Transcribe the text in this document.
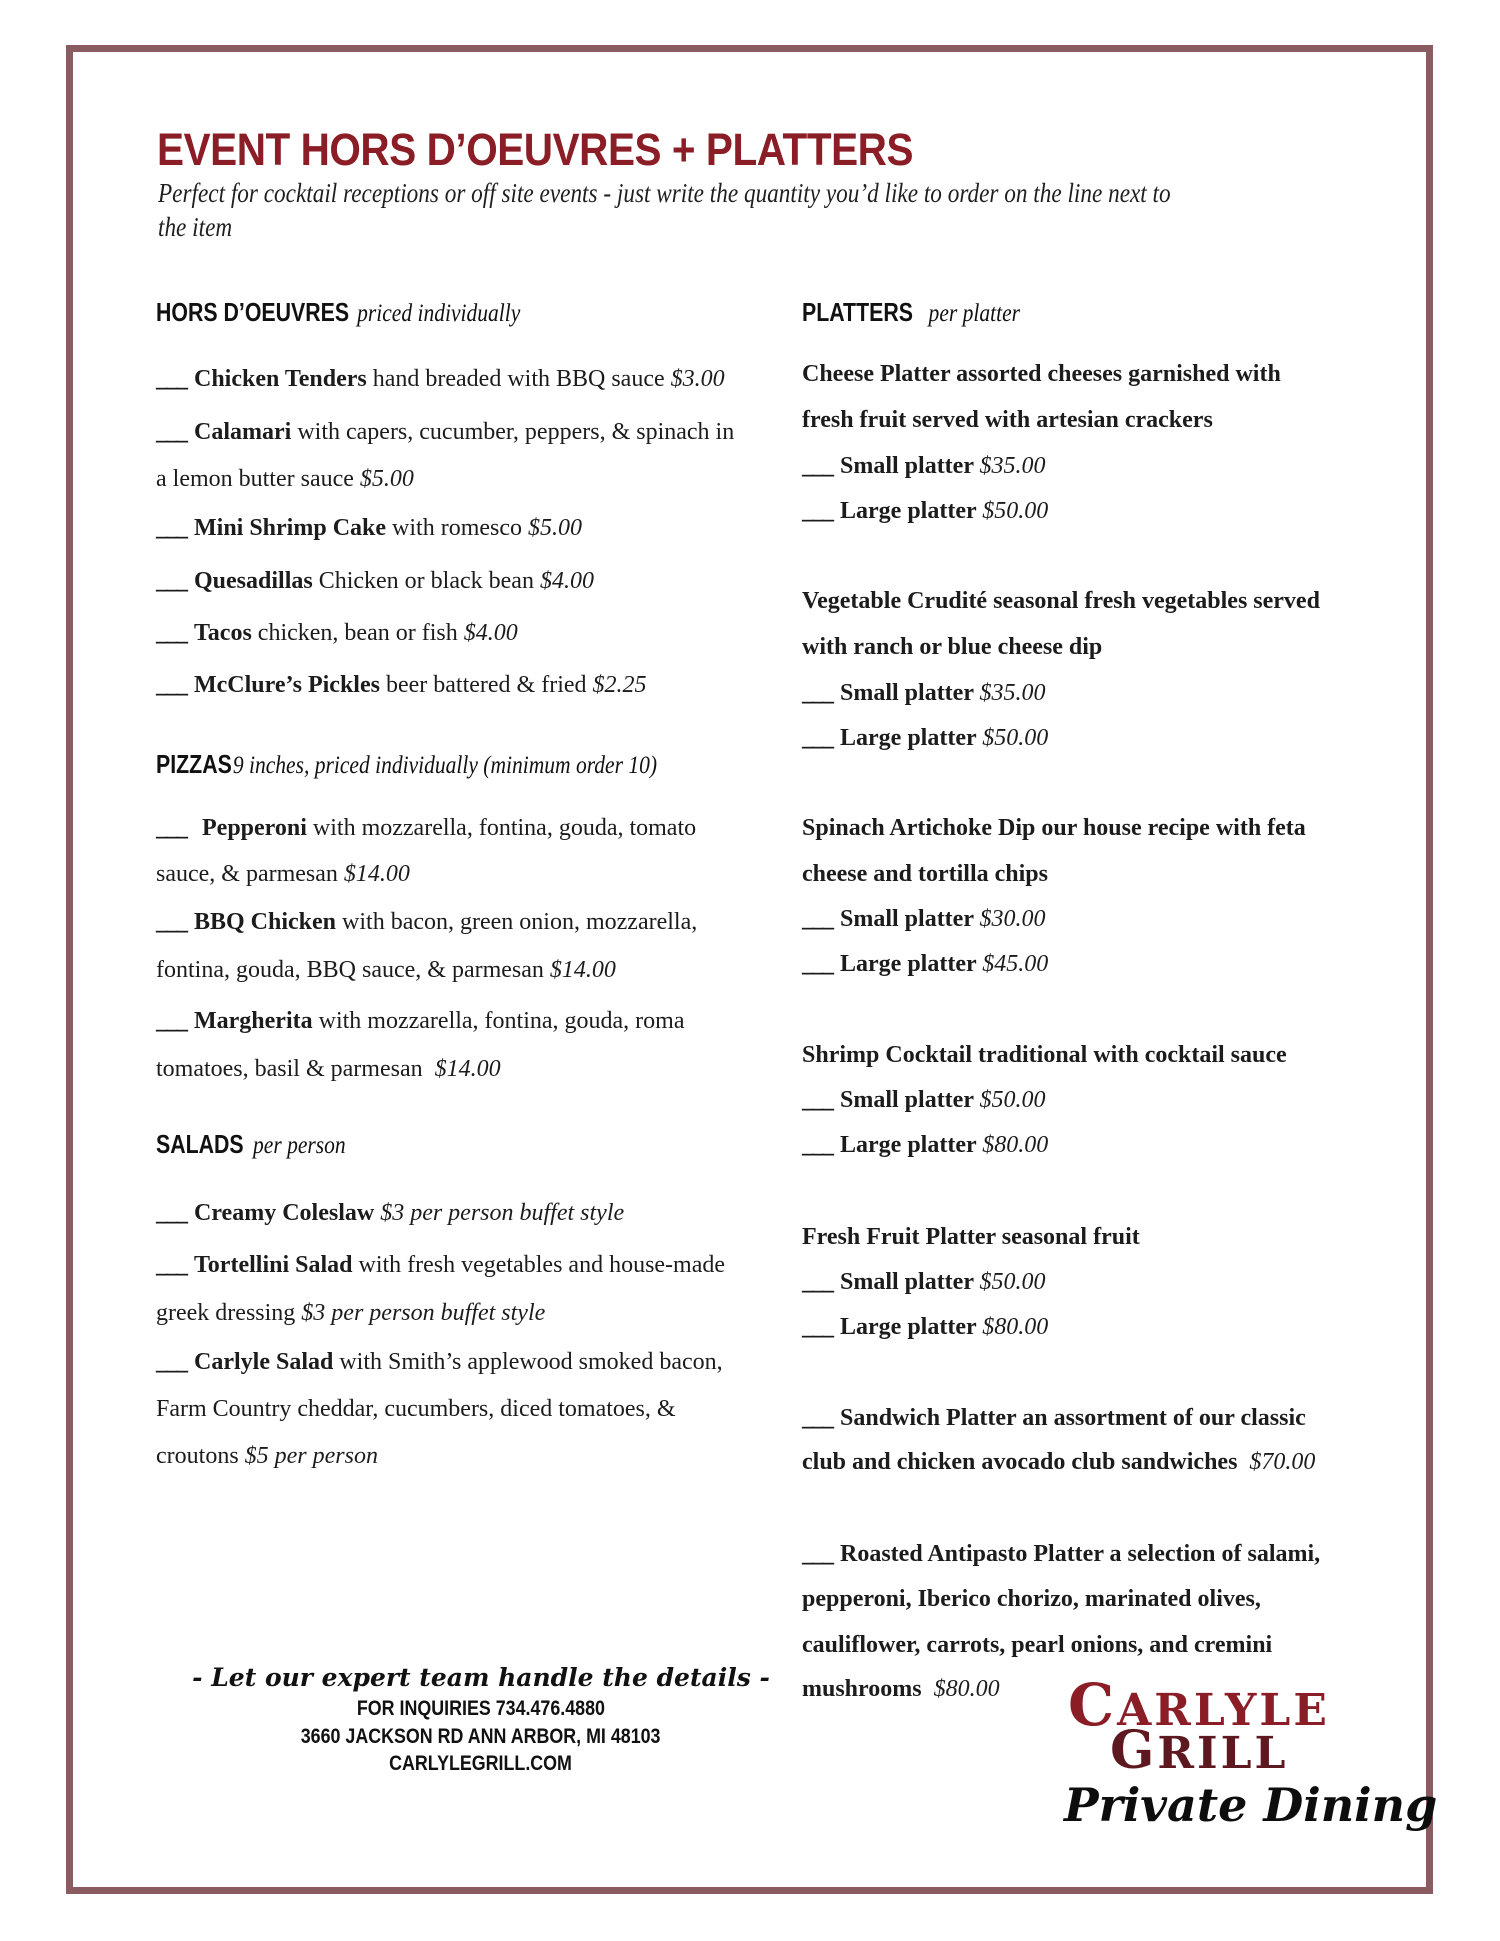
EVENT HORS D’OEUVRES + PLATTERS
Perfect for cocktail receptions or off site events - just write the quantity you’d like to order on the line next to
the item
HORS D’OEUVRES priced individually
___ Chicken Tenders hand breaded with BBQ sauce $3.00
___ Calamari with capers, cucumber, peppers, & spinach in
a lemon butter sauce $5.00
___ Mini Shrimp Cake with romesco $5.00
___ Quesadillas Chicken or black bean $4.00
___ Tacos chicken, bean or fish $4.00
___ McClure’s Pickles beer battered & fried $2.25
PIZZAS9 inches, priced individually (minimum order 10)
___ Pepperoni with mozzarella, fontina, gouda, tomato
sauce, & parmesan $14.00
___ BBQ Chicken with bacon, green onion, mozzarella,
fontina, gouda, BBQ sauce, & parmesan $14.00
___ Margherita with mozzarella, fontina, gouda, roma
tomatoes, basil & parmesan  $14.00
SALADS per person
___ Creamy Coleslaw $3 per person buffet style
___ Tortellini Salad with fresh vegetables and house-made
greek dressing $3 per person buffet style
___ Carlyle Salad with Smith’s applewood smoked bacon,
Farm Country cheddar, cucumbers, diced tomatoes, &
croutons $5 per person
PLATTERS per platter
Cheese Platter assorted cheeses garnished with
fresh fruit served with artesian crackers
___ Small platter $35.00
___ Large platter $50.00
Vegetable Crudité seasonal fresh vegetables served
with ranch or blue cheese dip
___ Small platter $35.00
___ Large platter $50.00
Spinach Artichoke Dip our house recipe with feta
cheese and tortilla chips
___ Small platter $30.00
___ Large platter $45.00
Shrimp Cocktail traditional with cocktail sauce
___ Small platter $50.00
___ Large platter $80.00
Fresh Fruit Platter seasonal fruit
___ Small platter $50.00
___ Large platter $80.00
___ Sandwich Platter an assortment of our classic
club and chicken avocado club sandwiches  $70.00
___ Roasted Antipasto Platter a selection of salami,
pepperoni, Iberico chorizo, marinated olives,
cauliflower, carrots, pearl onions, and cremini
mushrooms  $80.00
- Let our expert team handle the details -
FOR INQUIRIES 734.476.4880
3660 JACKSON RD ANN ARBOR, MI 48103
CARLYLEGRILL.COM
CARLYLE
GRILL
Private Dining
